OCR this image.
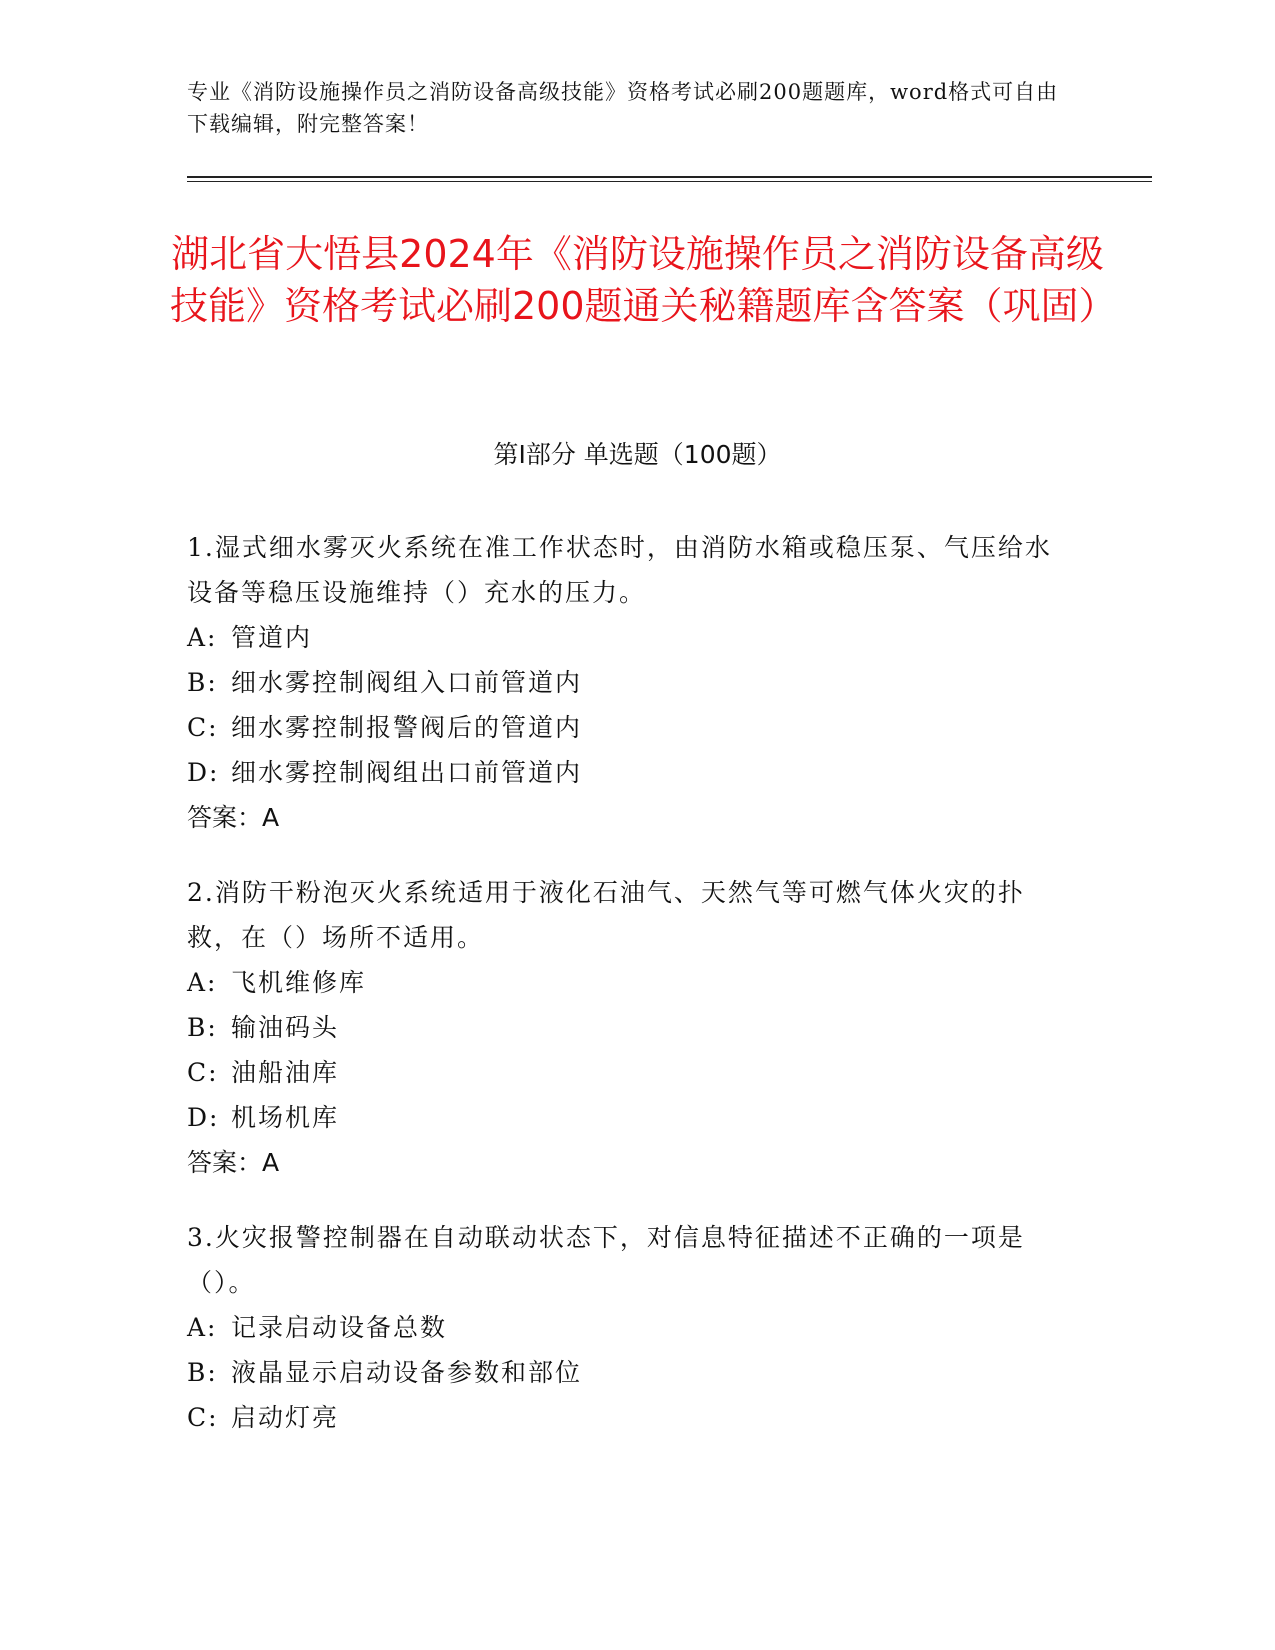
专业《消防设施操作员之消防设备高级技能》资格考试必刷200题题库，word格式可自由下载编辑，附完整答案！
湖北省大悟县2024年《消防设施操作员之消防设备高级技能》资格考试必刷200题通关秘籍题库含答案（巩固）
第I部分 单选题（100题）

1.湿式细水雾灭火系统在准工作状态时，由消防水箱或稳压泵、气压给水设备等稳压设施维持（）充水的压力。

A: 管道内

B: 细水雾控制阀组入口前管道内

C: 细水雾控制报警阀后的管道内

D: 细水雾控制阀组出口前管道内

答案：A

2.消防干粉泡灭火系统适用于液化石油气、天然气等可燃气体火灾的扑救，在（）场所不适用。

A: 飞机维修库

B: 输油码头

C: 油船油库

D: 机场机库

答案：A

3.火灾报警控制器在自动联动状态下，对信息特征描述不正确的一项是（）。

A: 记录启动设备总数

B: 液晶显示启动设备参数和部位

C: 启动灯亮
